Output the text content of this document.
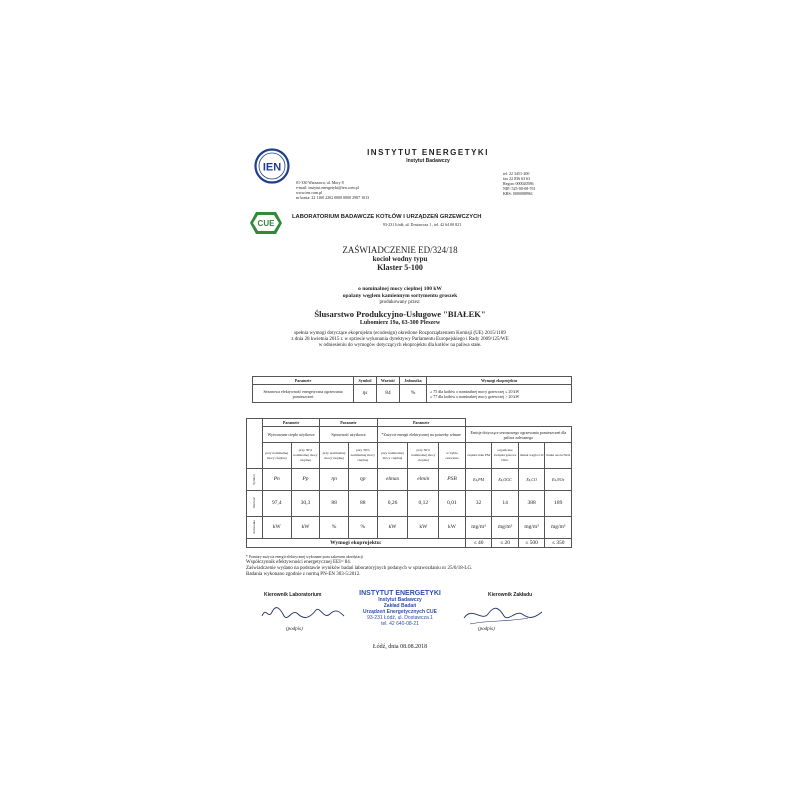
IEN
INSTYTUT ENERGETYKI
Instytut Badawczy
01-330 Warszawa, ul. Mory 8
e-mail: instytut.energetyki@ien.com.pl
www.ien.com.pl
nr konta: 22 1160 2202 0000 0000 2987 1013
tel. 22 3451-200
fax 22 836 63 63
Regon: 000020586
NIP: 525-00-08-761
KRS: 0000088961
CUE
LABORATORIUM BADAWCZE KOTŁÓW I URZĄDZEŃ GRZEWCZYCH
93-231 Łódź, ul. Dostawcza 1 , tel. 42 64 00 821
ZAŚWIADCZENIE ED/324/18
kocioł wodny typu
Klaster 5-100
o nominalnej mocy cieplnej 100 kW
opalany węglem kamiennym sortymentu groszek
produkowany przez:
Ślusarstwo Produkcyjno-Usługowe "BIAŁEK"
Lubomierz 19a, 63-300 Pleszew
spełnia wymogi dotyczące ekoprojektu (ecodesign) określone Rozporządzeniem Komisji (UE) 2015/1189
z dnia 28 kwietnia 2015 r. w sprawie wykonania dyrektywy Parlamentu Europejskiego i Rady 2009/125/WE
w odniesieniu do wymogów dotyczących ekoprojektu dla kotłów na paliwa stałe.
Parametr	Symbol	Wartość	Jednostka	Wymogi ekoprojektu
Sezonowa efektywność energetyczna ogrzewania pomieszczeń	ηs	84	%	≥ 75 dla kotłów o nominalnej mocy grzewczej ≤ 20 kW
≥ 77 dla kotłów o nominalnej mocy grzewczej > 20 kW
	Parametr		Parametr		Parametr						
	Wytwarzane ciepło użytkowe		Sprawność użytkowa		*Zużycie energii elektrycznej na potrzeby własne			Emisje dotyczące sezonowego ogrzewania pomieszczeń dla paliwa zalecanego			
	przy nominalnej mocy cieplnej	przy 30% nominalnej mocy cieplnej	przy nominalnej mocy cieplnej	przy 30% nominalnej mocy cieplnej	przy nominalnej mocy cieplnej	przy 30% nominalnej mocy cieplnej	w trybie czuwania	cząstki stałe PM	organiczne związki gazowe OGC	tlenek węgla CO	tlenki azotu NOx
Symbol	Pn	Pp	ηn	ηp	elmax	elmin	PSB	Es,PM	Es,OGC	Es,CO	Es,NOx
Wartość	97,4	30,3	88	88	0,26	0,12	0,01	32	14	388	189
Jednostka	kW	kW	%	%	kW	kW	kW	mg/m³	mg/m³	mg/m³	mg/m³
Wymogi ekoprojektu:								≤ 40	≤ 20	≤ 500	≤ 350
* Pomiary zużycia energii elektrycznej wykonane poza zakresem akredytacji
Współczynnik efektywności energetycznej EEI= 84.
Zaświadczenie wydano na podstawie wyników badań laboratoryjnych podanych w sprawozdaniu nr 25/6/18-LG.
Badania wykonano zgodnie z normą PN-EN 303-5:2012.
Kierownik Laboratorium	Kierownik Zakładu
(podpis)	(podpis)
INSTYTUT ENERGETYKI
Instytut Badawczy
Zakład Badań
Urządzeń Energetycznych CUE
93-231 Łódź, ul. Dostawcza 1
tel. 42 640-08-21
Łódź, dnia 08.08.2018
